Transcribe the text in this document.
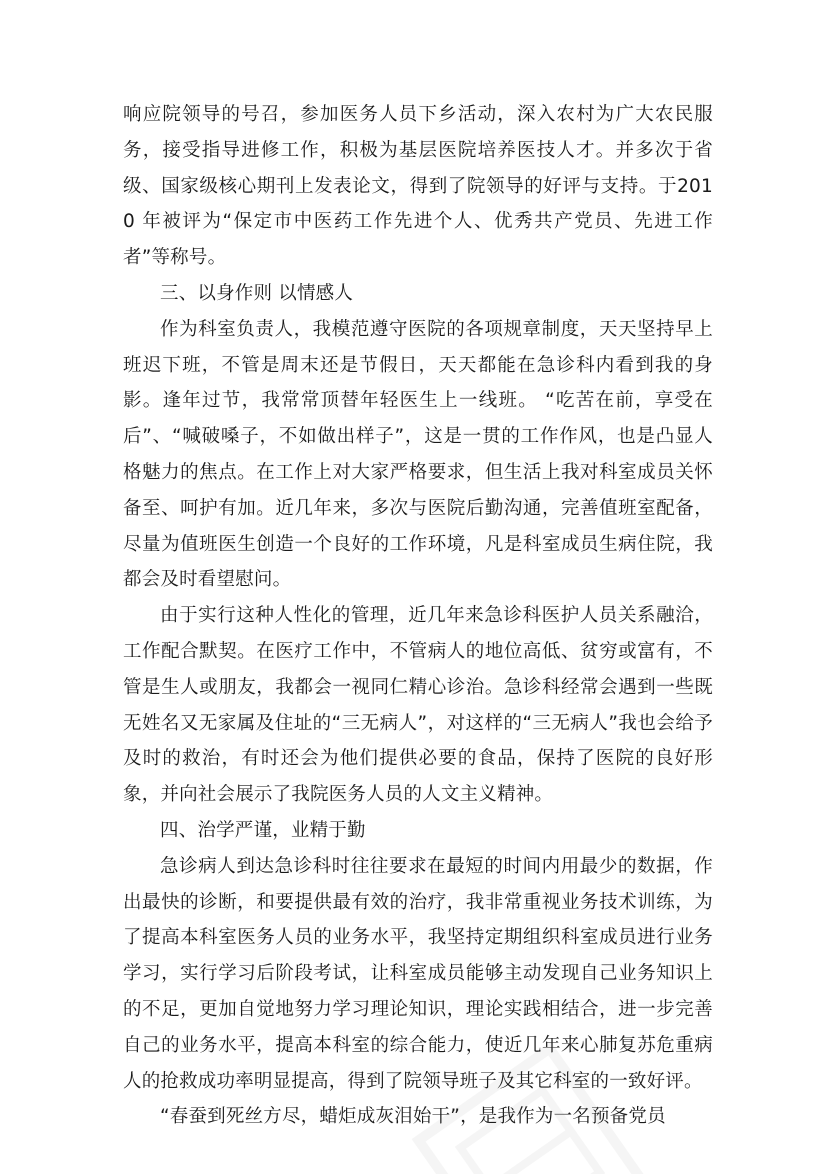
响应院领导的号召，参加医务人员下乡活动，深入农村为广大农民服务，接受指导进修工作，积极为基层医院培养医技人才。并多次于省级、国家级核心期刊上发表论文，得到了院领导的好评与支持。于2010 年被评为“保定市中医药工作先进个人、优秀共产党员、先进工作者”等称号。

三、以身作则 以情感人

作为科室负责人，我模范遵守医院的各项规章制度，天天坚持早上班迟下班，不管是周末还是节假日，天天都能在急诊科内看到我的身影。逢年过节，我常常顶替年轻医生上一线班。 “吃苦在前，享受在后”、“喊破嗓子，不如做出样子”，这是一贯的工作作风，也是凸显人格魅力的焦点。在工作上对大家严格要求，但生活上我对科室成员关怀备至、呵护有加。近几年来，多次与医院后勤沟通，完善值班室配备，尽量为值班医生创造一个良好的工作环境，凡是科室成员生病住院，我都会及时看望慰问。

由于实行这种人性化的管理，近几年来急诊科医护人员关系融洽，工作配合默契。在医疗工作中，不管病人的地位高低、贫穷或富有，不管是生人或朋友，我都会一视同仁精心诊治。急诊科经常会遇到一些既无姓名又无家属及住址的“三无病人”，对这样的“三无病人”我也会给予及时的救治，有时还会为他们提供必要的食品，保持了医院的良好形象，并向社会展示了我院医务人员的人文主义精神。

四、治学严谨，业精于勤

急诊病人到达急诊科时往往要求在最短的时间内用最少的数据，作出最快的诊断，和要提供最有效的治疗，我非常重视业务技术训练，为了提高本科室医务人员的业务水平，我坚持定期组织科室成员进行业务学习，实行学习后阶段考试，让科室成员能够主动发现自己业务知识上的不足，更加自觉地努力学习理论知识，理论实践相结合，进一步完善自己的业务水平，提高本科室的综合能力，使近几年来心肺复苏危重病人的抢救成功率明显提高，得到了院领导班子及其它科室的一致好评。

“春蚕到死丝方尽，蜡炬成灰泪始干”，是我作为一名预备党员
